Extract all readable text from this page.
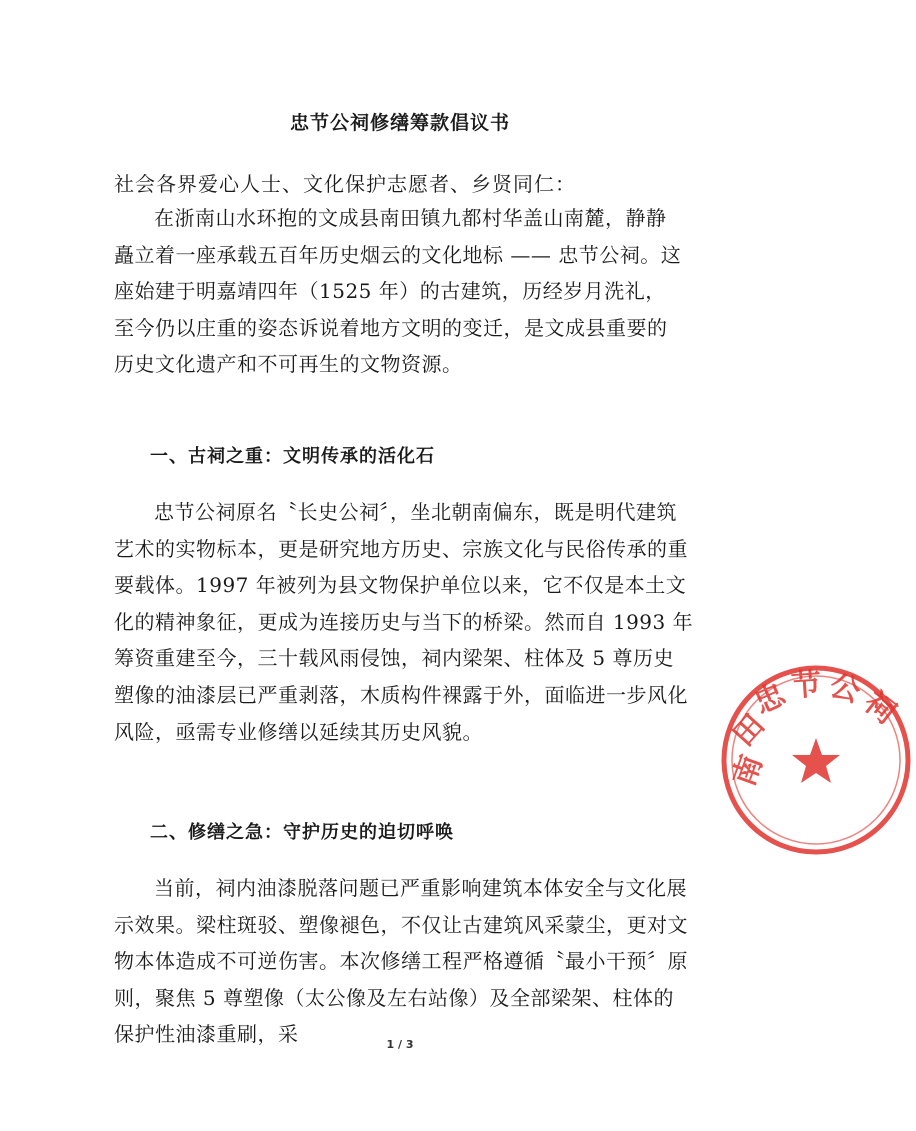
忠节公祠修缮筹款倡议书
社会各界爱心人士、文化保护志愿者、乡贤同仁：
在浙南山水环抱的文成县南田镇九都村华盖山南麓，静静矗立着一座承载五百年历史烟云的文化地标 —— 忠节公祠。这座始建于明嘉靖四年（1525 年）的古建筑，历经岁月洗礼，至今仍以庄重的姿态诉说着地方文明的变迁，是文成县重要的历史文化遗产和不可再生的文物资源。
一、古祠之重：文明传承的活化石
忠节公祠原名〝长史公祠〞，坐北朝南偏东，既是明代建筑艺术的实物标本，更是研究地方历史、宗族文化与民俗传承的重要载体。1997 年被列为县文物保护单位以来，它不仅是本土文化的精神象征，更成为连接历史与当下的桥梁。然而自 1993 年筹资重建至今，三十载风雨侵蚀，祠内梁架、柱体及 5 尊历史塑像的油漆层已严重剥落，木质构件裸露于外，面临进一步风化风险，亟需专业修缮以延续其历史风貌。
二、修缮之急：守护历史的迫切呼唤
当前，祠内油漆脱落问题已严重影响建筑本体安全与文化展示效果。梁柱斑驳、塑像褪色，不仅让古建筑风采蒙尘，更对文物本体造成不可逆伤害。本次修缮工程严格遵循〝最小干预〞原则，聚焦 5 尊塑像（太公像及左右站像）及全部梁架、柱体的保护性油漆重刷，采	1 / 3
南
田
忠 节 公
祠
